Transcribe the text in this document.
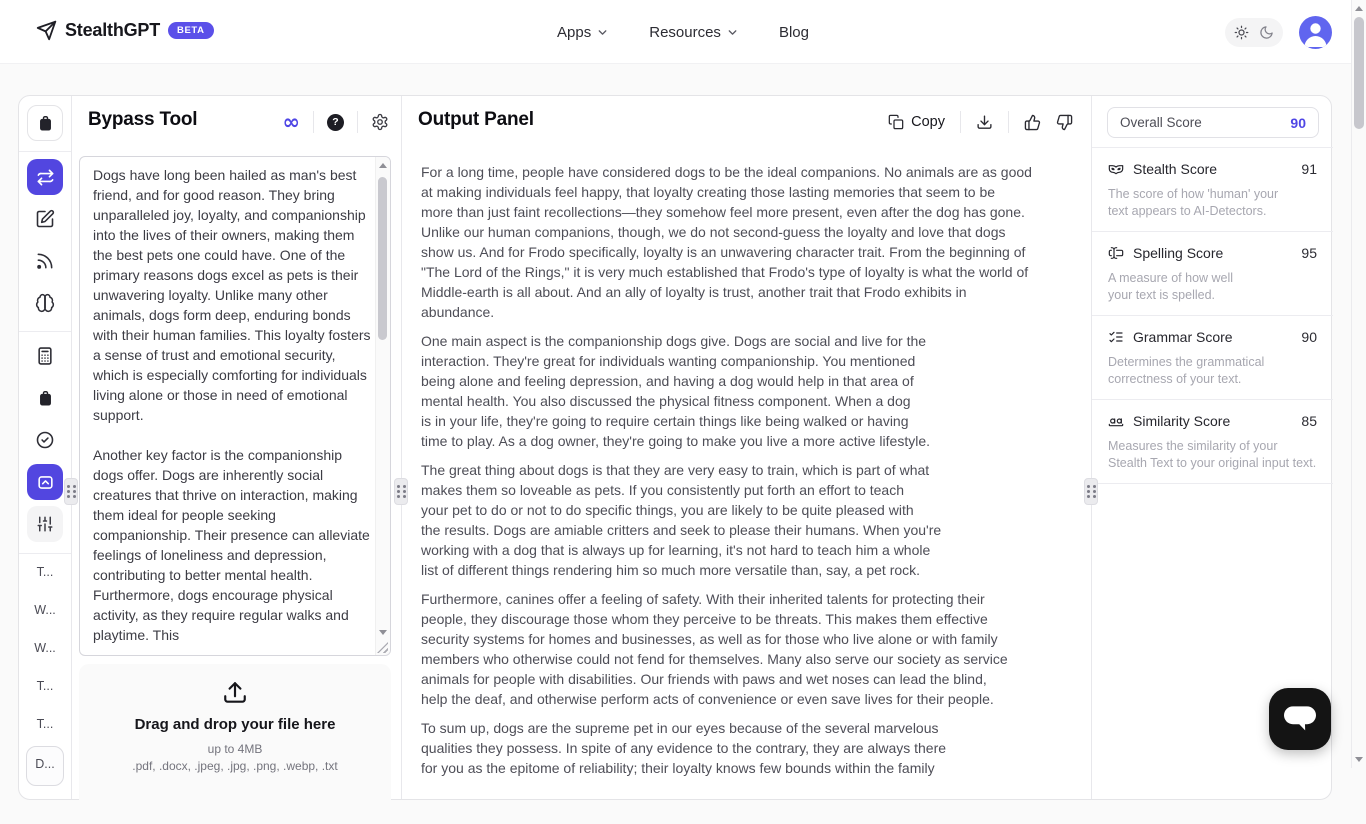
StealthGPT	BETA	Apps	Resources	Blog
T...
W...
W...
T...
T...
D...
Bypass Tool	∞	?
Dogs have long been hailed as man's best friend, and for good reason. They bring unparalleled joy, loyalty, and companionship into the lives of their owners, making them the best pets one could have. One of the primary reasons dogs excel as pets is their unwavering loyalty. Unlike many other animals, dogs form deep, enduring bonds with their human families. This loyalty fosters a sense of trust and emotional security, which is especially comforting for individuals living alone or those in need of emotional support.

Another key factor is the companionship dogs offer. Dogs are inherently social creatures that thrive on interaction, making them ideal for people seeking companionship. Their presence can alleviate feelings of loneliness and depression, contributing to better mental health. Furthermore, dogs encourage physical activity, as they require regular walks and playtime. This
Drag and drop your file here
up to 4MB
.pdf, .docx, .jpeg, .jpg, .png, .webp, .txt
Output Panel	Copy

For a long time, people have considered dogs to be the ideal companions. No animals are as good
at making individuals feel happy, that loyalty creating those lasting memories that seem to be
more than just faint recollections—they somehow feel more present, even after the dog has gone.
Unlike our human companions, though, we do not second-guess the loyalty and love that dogs
show us. And for Frodo specifically, loyalty is an unwavering character trait. From the beginning of
"The Lord of the Rings," it is very much established that Frodo's type of loyalty is what the world of
Middle-earth is all about. And an ally of loyalty is trust, another trait that Frodo exhibits in
abundance.

One main aspect is the companionship dogs give. Dogs are social and live for the
interaction. They're great for individuals wanting companionship. You mentioned
being alone and feeling depression, and having a dog would help in that area of
mental health. You also discussed the physical fitness component. When a dog
is in your life, they're going to require certain things like being walked or having
time to play. As a dog owner, they're going to make you live a more active lifestyle.

The great thing about dogs is that they are very easy to train, which is part of what
makes them so loveable as pets. If you consistently put forth an effort to teach
your pet to do or not to do specific things, you are likely to be quite pleased with
the results. Dogs are amiable critters and seek to please their humans. When you're
working with a dog that is always up for learning, it's not hard to teach him a whole
list of different things rendering him so much more versatile than, say, a pet rock.

Furthermore, canines offer a feeling of safety. With their inherited talents for protecting their
people, they discourage those whom they perceive to be threats. This makes them effective
security systems for homes and businesses, as well as for those who live alone or with family
members who otherwise could not fend for themselves. Many also serve our society as service
animals for people with disabilities. Our friends with paws and wet noses can lead the blind,
help the deaf, and otherwise perform acts of convenience or even save lives for their people.

To sum up, dogs are the supreme pet in our eyes because of the several marvelous
qualities they possess. In spite of any evidence to the contrary, they are always there
for you as the epitome of reliability; their loyalty knows few bounds within the family

Overall Score	90
Stealth Score	91
The score of how 'human' your
text appears to AI-Detectors.
Spelling Score	95
A measure of how well
your text is spelled.
Grammar Score	90
Determines the grammatical
correctness of your text.
Similarity Score	85
Measures the similarity of your
Stealth Text to your original input text.
